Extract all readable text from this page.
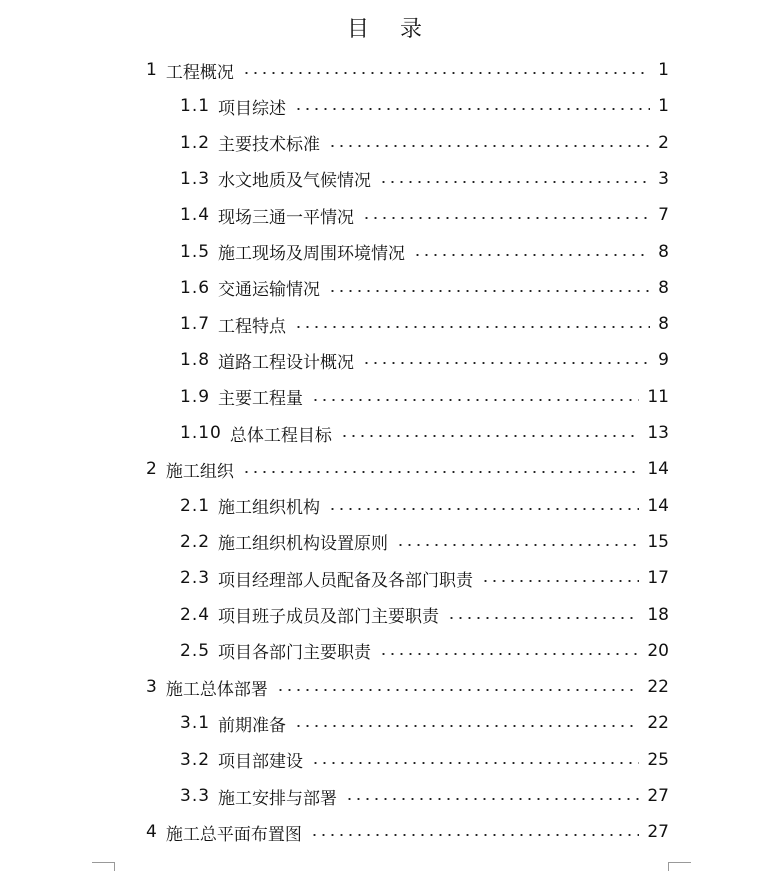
目 录
1 工程概况	1
1.1 项目综述	1
1.2 主要技术标准	2
1.3 水文地质及气候情况	3
1.4 现场三通一平情况	7
1.5 施工现场及周围环境情况	8
1.6 交通运输情况	8
1.7 工程特点	8
1.8 道路工程设计概况	9
1.9 主要工程量	11
1.10 总体工程目标	13
2 施工组织	14
2.1 施工组织机构	14
2.2 施工组织机构设置原则	15
2.3 项目经理部人员配备及各部门职责	17
2.4 项目班子成员及部门主要职责	18
2.5 项目各部门主要职责	20
3 施工总体部署	22
3.1 前期准备	22
3.2 项目部建设	25
3.3 施工安排与部署	27
4 施工总平面布置图	27
